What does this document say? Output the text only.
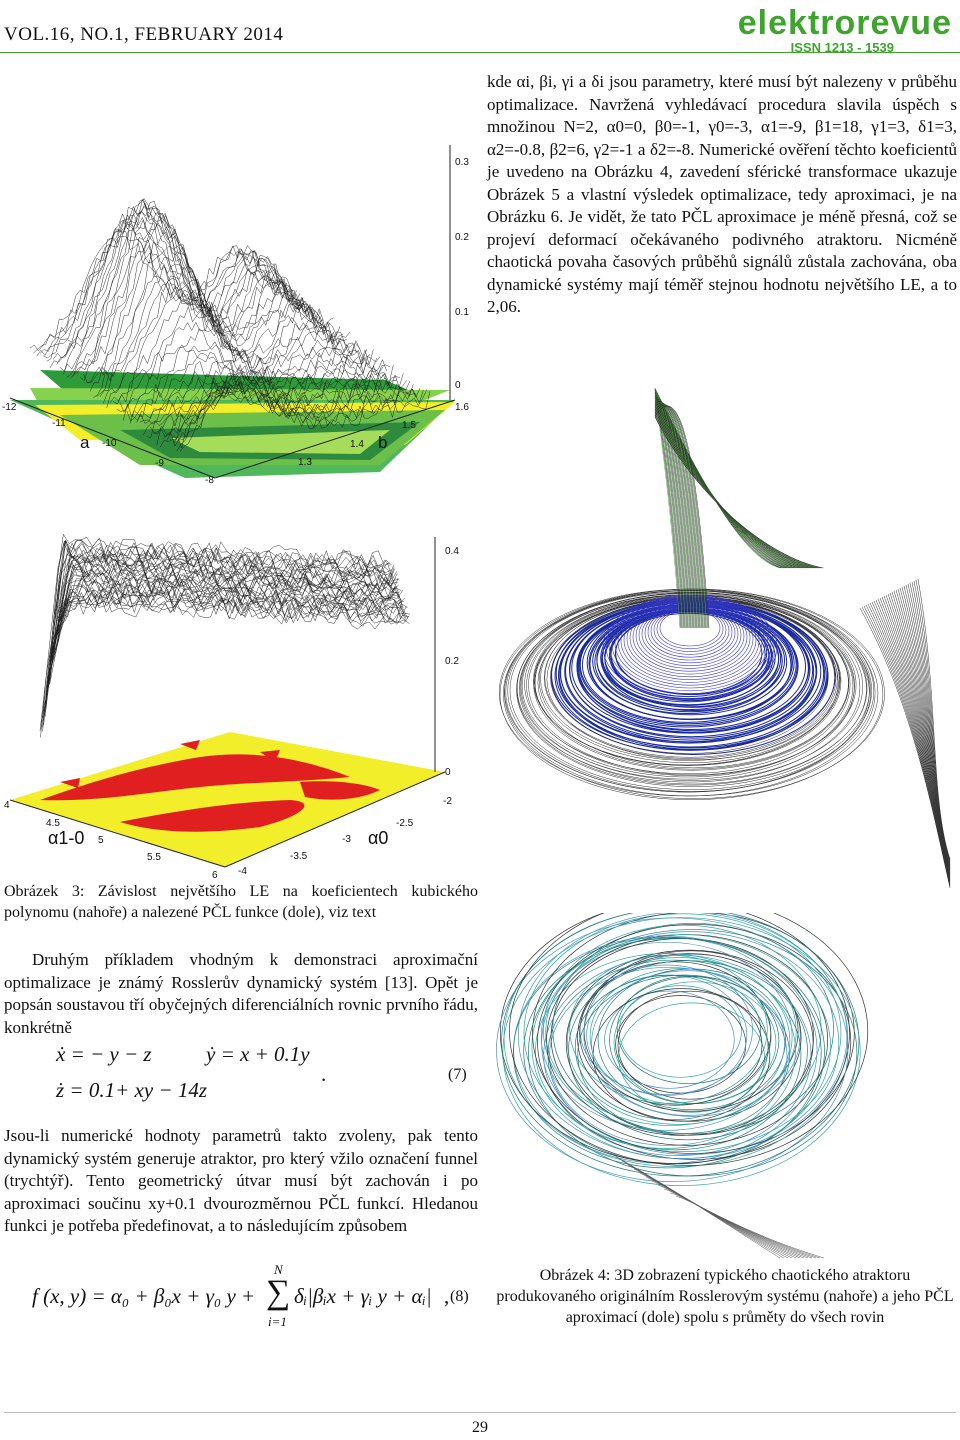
VOL.16, NO.1, FEBRUARY 2014	elektrorevue
ISSN 1213 - 1539
0.3
0.2
0.1
0
-12
-11
-10
-9
-8
1.6
1.5
1.4
1.3
a	b

kde αi, βi, γi a δi jsou parametry, které musí být nalezeny v průběhu optimalizace. Navržená vyhledávací procedura slavila úspěch s množinou N=2, α0=0, β0=-1, γ0=-3, α1=-9, β1=18, γ1=3, δ1=3, α2=-0.8, β2=6, γ2=-1 a δ2=-8. Numerické ověření těchto koeficientů je uvedeno na Obrázku 4, zavedení sférické transformace ukazuje Obrázek 5 a vlastní výsledek optimalizace, tedy aproximaci, je na Obrázku 6. Je vidět, že tato PČL aproximace je méně přesná, což se projeví deformací očekávaného podivného atraktoru. Nicméně chaotická povaha časových průběhů signálů zůstala zachována, oba dynamické systémy mají téměř stejnou hodnotu největšího LE, a to 2,06.

0.4
0.2
0
4
4.5
5
5.5
6
-2
-2.5
-3
-3.5
-4
α1-0	α0
Obrázek 3: Závislost největšího LE na koeficientech kubického polynomu (nahoře) a nalezené PČL funkce (dole), viz text

Druhým příkladem vhodným k demonstraci aproximační optimalizace je známý Rosslerův dynamický systém [13]. Opět je popsán soustavou tří obyčejných diferenciálních rovnic prvního řádu, konkrétně

ẋ = − y − z	ẏ = x + 0.1y
ż = 0.1+ xy − 14z
.	(7)

Jsou-li numerické hodnoty parametrů takto zvoleny, pak tento dynamický systém generuje atraktor, pro který vžilo označení funnel (trychtýř). Tento geometrický útvar musí být zachován i po aproximaci součinu xy+0.1 dvourozměrnou PČL funkcí. Hledanou funkci je potřeba předefinovat, a to následujícím způsobem

f (x, y) = α₀ + β₀x + γ₀ y +
N
∑
i=1
δᵢ|βᵢx + γᵢ y + αᵢ| , (8)
Obrázek 4: 3D zobrazení typického chaotického atraktoru produkovaného originálním Rosslerovým systému (nahoře) a jeho PČL aproximací (dole) spolu s průměty do všech rovin
29
